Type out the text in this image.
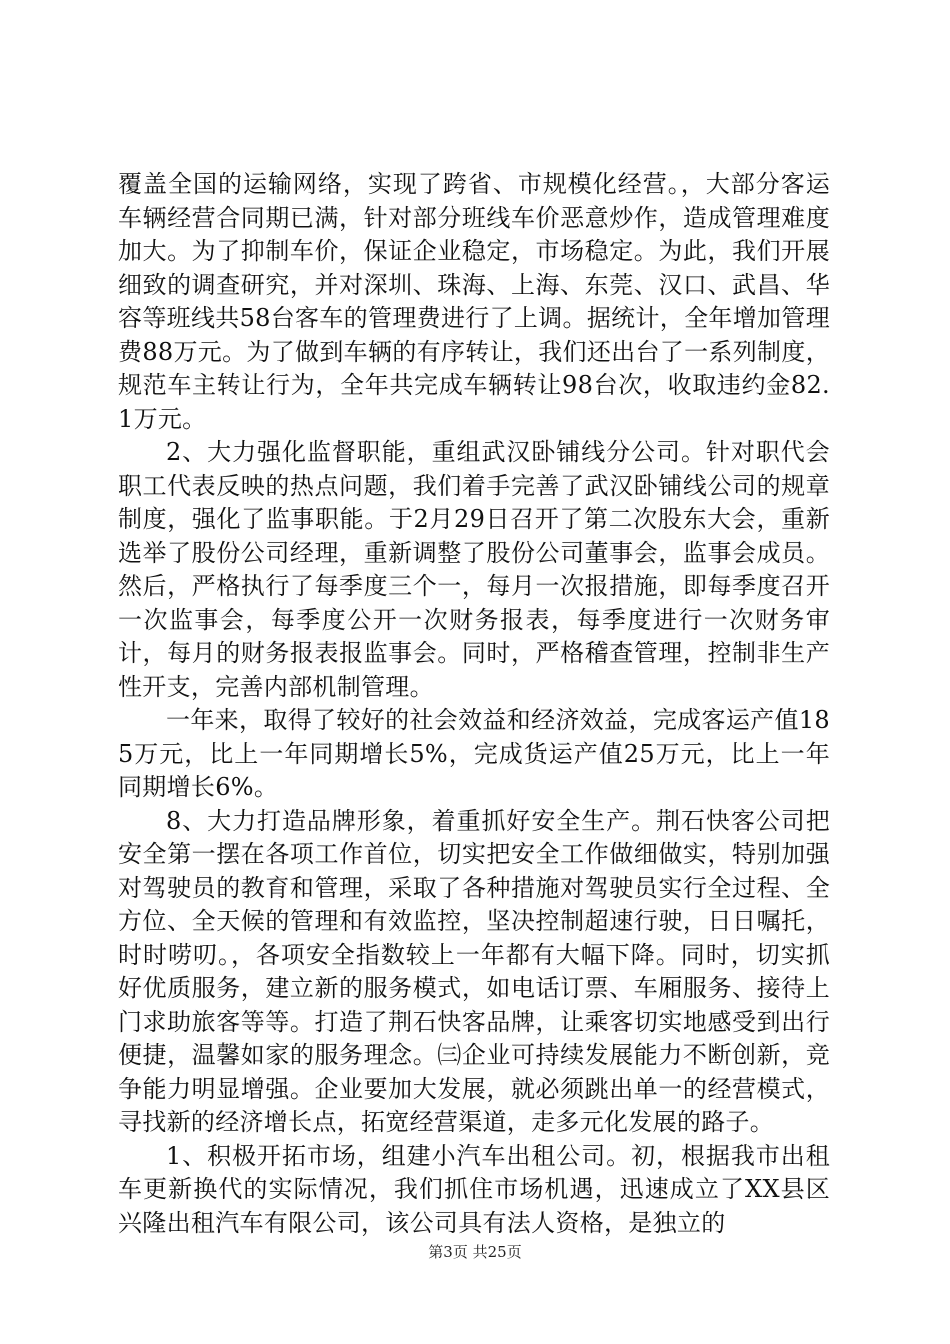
覆盖全国的运输网络，实现了跨省、市规模化经营。，大部分客运车辆经营合同期已满，针对部分班线车价恶意炒作，造成管理难度加大。为了抑制车价，保证企业稳定，市场稳定。为此，我们开展细致的调查研究，并对深圳、珠海、上海、东莞、汉口、武昌、华容等班线共58台客车的管理费进行了上调。据统计，全年增加管理费88万元。为了做到车辆的有序转让，我们还出台了一系列制度，规范车主转让行为，全年共完成车辆转让98台次，收取违约金82.1万元。

2、大力强化监督职能，重组武汉卧铺线分公司。针对职代会职工代表反映的热点问题，我们着手完善了武汉卧铺线公司的规章制度，强化了监事职能。于2月29日召开了第二次股东大会，重新选举了股份公司经理，重新调整了股份公司董事会，监事会成员。然后，严格执行了每季度三个一，每月一次报措施，即每季度召开一次监事会，每季度公开一次财务报表，每季度进行一次财务审计，每月的财务报表报监事会。同时，严格稽查管理，控制非生产性开支，完善内部机制管理。

一年来，取得了较好的社会效益和经济效益，完成客运产值185万元，比上一年同期增长5%，完成货运产值25万元，比上一年同期增长6%。

8、大力打造品牌形象，着重抓好安全生产。荆石快客公司把安全第一摆在各项工作首位，切实把安全工作做细做实，特别加强对驾驶员的教育和管理，采取了各种措施对驾驶员实行全过程、全方位、全天候的管理和有效监控，坚决控制超速行驶，日日嘱托，时时唠叨。，各项安全指数较上一年都有大幅下降。同时，切实抓好优质服务，建立新的服务模式，如电话订票、车厢服务、接待上门求助旅客等等。打造了荆石快客品牌，让乘客切实地感受到出行便捷，温馨如家的服务理念。㈢企业可持续发展能力不断创新，竞争能力明显增强。企业要加大发展，就必须跳出单一的经营模式，寻找新的经济增长点，拓宽经营渠道，走多元化发展的路子。

1、积极开拓市场，组建小汽车出租公司。初，根据我市出租车更新换代的实际情况，我们抓住市场机遇，迅速成立了XX县区兴隆出租汽车有限公司，该公司具有法人资格，是独立的

第3页 共25页
